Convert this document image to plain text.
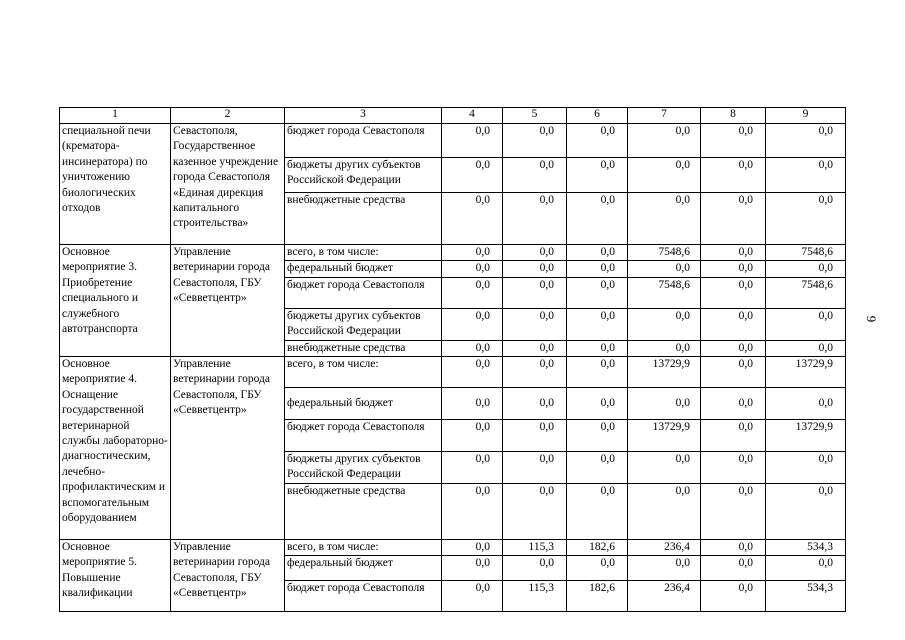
1	2	3	4	5	6	7	8	9
специальной печи (крематора-инсинератора) по уничтожению биологических отходов	Севастополя, Государственное казенное учреждение города Севастополя «Единая дирекция капитального строительства»	бюджет города Севастополя	0,0	0,0	0,0	0,0	0,0	0,0
		бюджеты других субъектов Российской Федерации	0,0	0,0	0,0	0,0	0,0	0,0
		внебюджетные средства	0,0	0,0	0,0	0,0	0,0	0,0
Основное мероприятие 3. Приобретение специального и служебного автотранспорта	Управление ветеринарии города Севастополя, ГБУ «Севветцентр»	всего, в том числе:	0,0	0,0	0,0	7548,6	0,0	7548,6
		федеральный бюджет	0,0	0,0	0,0	0,0	0,0	0,0
		бюджет города Севастополя	0,0	0,0	0,0	7548,6	0,0	7548,6
		бюджеты других субъектов Российской Федерации	0,0	0,0	0,0	0,0	0,0	0,0
		внебюджетные средства	0,0	0,0	0,0	0,0	0,0	0,0
Основное мероприятие 4. Оснащение государственной ветеринарной службы лабораторно-диагностическим, лечебно-профилактическим и вспомогательным оборудованием	Управление ветеринарии города Севастополя, ГБУ «Севветцентр»	всего, в том числе:	0,0	0,0	0,0	13729,9	0,0	13729,9
		федеральный бюджет	0,0	0,0	0,0	0,0	0,0	0,0
		бюджет города Севастополя	0,0	0,0	0,0	13729,9	0,0	13729,9
		бюджеты других субъектов Российской Федерации	0,0	0,0	0,0	0,0	0,0	0,0
		внебюджетные средства	0,0	0,0	0,0	0,0	0,0	0,0
Основное мероприятие 5. Повышение квалификации	Управление ветеринарии города Севастополя, ГБУ «Севветцентр»	всего, в том числе:	0,0	115,3	182,6	236,4	0,0	534,3
		федеральный бюджет	0,0	0,0	0,0	0,0	0,0	0,0
		бюджет города Севастополя	0,0	115,3	182,6	236,4	0,0	534,3
9
